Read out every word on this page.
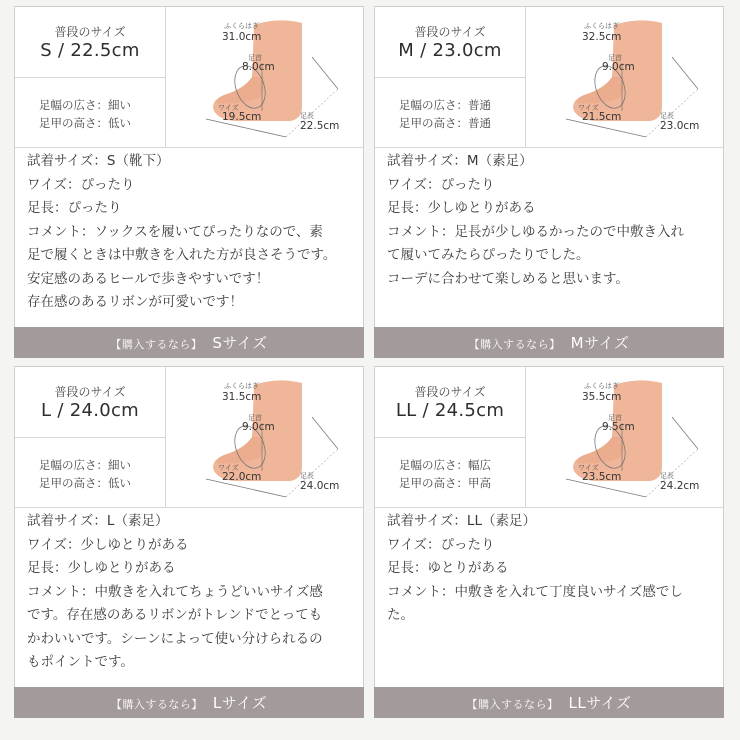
普段のサイズ
S / 22.5cm
足幅の広さ：細い
足甲の高さ：低い
ふくらはぎ
31.0cm
足首
8.0cm
ワイズ
19.5cm	足長
22.5cm
試着サイズ：S（靴下）
ワイズ：ぴったり
足長：ぴったり
コメント：ソックスを履いてぴったりなので、素
足で履くときは中敷きを入れた方が良さそうです。
安定感のあるヒールで歩きやすいです！
存在感のあるリボンが可愛いです！
【購入するなら】 Sサイズ
普段のサイズ
M / 23.0cm
足幅の広さ：普通
足甲の高さ：普通
ふくらはぎ
32.5cm
足首
9.0cm
ワイズ
21.5cm	足長
23.0cm
試着サイズ：M（素足）
ワイズ：ぴったり
足長：少しゆとりがある
コメント：足長が少しゆるかったので中敷き入れ
て履いてみたらぴったりでした。
コーデに合わせて楽しめると思います。
【購入するなら】 Mサイズ
普段のサイズ
L / 24.0cm
足幅の広さ：細い
足甲の高さ：低い
ふくらはぎ
31.5cm
足首
9.0cm
ワイズ
22.0cm	足長
24.0cm
試着サイズ：L（素足）
ワイズ：少しゆとりがある
足長：少しゆとりがある
コメント：中敷きを入れてちょうどいいサイズ感
です。存在感のあるリボンがトレンドでとっても
かわいいです。シーンによって使い分けられるの
もポイントです。
【購入するなら】 Lサイズ
普段のサイズ
LL / 24.5cm
足幅の広さ：幅広
足甲の高さ：甲高
ふくらはぎ
35.5cm
足首
9.5cm
ワイズ
23.5cm	足長
24.2cm
試着サイズ：LL（素足）
ワイズ：ぴったり
足長：ゆとりがある
コメント：中敷きを入れて丁度良いサイズ感でし
た。
【購入するなら】 LLサイズ
